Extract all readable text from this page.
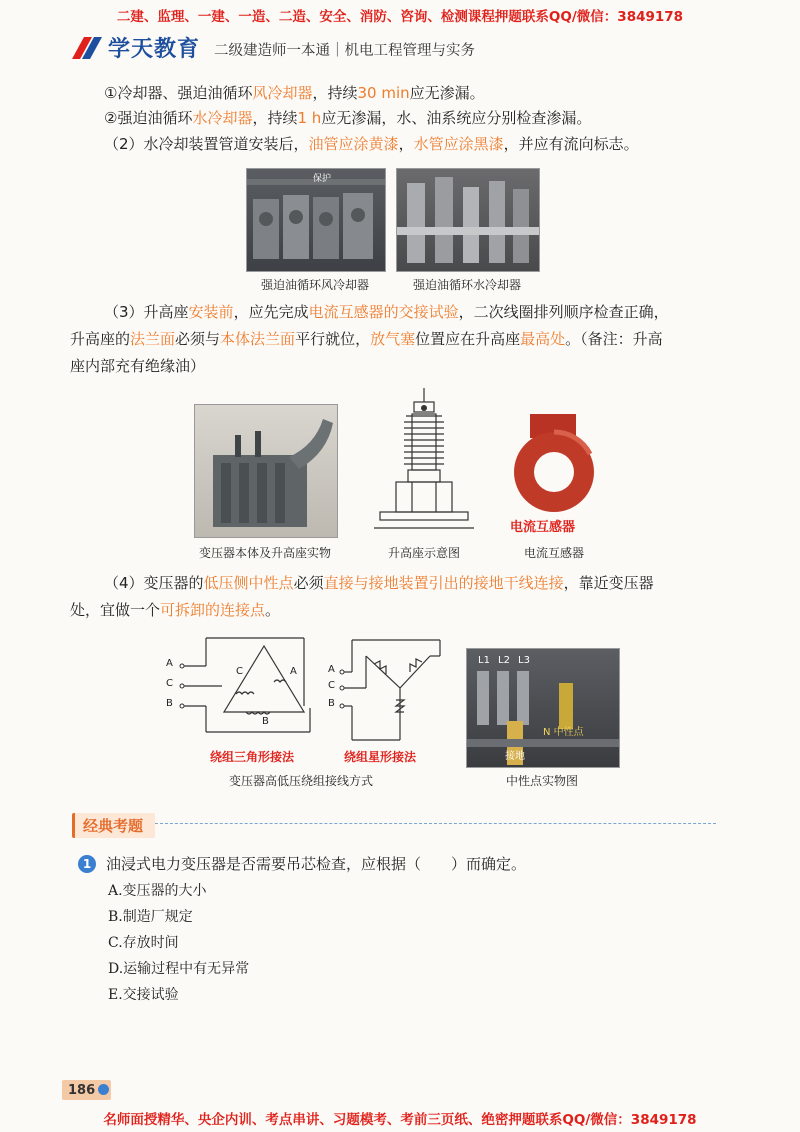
二建、监理、一建、一造、二造、安全、消防、咨询、检测课程押题联系QQ/微信：3849178
学天教育 二级建造师一本通｜机电工程管理与实务
①冷却器、强迫油循环风冷却器，持续30 min应无渗漏。
②强迫油循环水冷却器，持续1 h应无渗漏，水、油系统应分别检查渗漏。
（2）水冷却装置管道安装后，油管应涂黄漆，水管应涂黑漆，并应有流向标志。
保护
强迫油循环风冷却器	强迫油循环水冷却器
（3）升高座安装前，应先完成电流互感器的交接试验，二次线圈排列顺序检查正确，
升高座的法兰面必须与本体法兰面平行就位，放气塞位置应在升高座最高处。（备注：升高
座内部充有绝缘油）
电流互感器
变压器本体及升高座实物	升高座示意图	电流互感器
（4）变压器的低压侧中性点必须直接与接地装置引出的接地干线连接，靠近变压器
处，宜做一个可拆卸的连接点。
A
C
B
C	A
B
绕组三角形接法
A
C
B
绕组星形接法
L1 L2 L3
N 中性点
接地
变压器高低压绕组接线方式	中性点实物图
经典考题
1 油浸式电力变压器是否需要吊芯检查，应根据（　　）而确定。
A.变压器的大小
B.制造厂规定
C.存放时间
D.运输过程中有无异常
E.交接试验
186
名师面授精华、央企内训、考点串讲、习题模考、考前三页纸、绝密押题联系QQ/微信：3849178
